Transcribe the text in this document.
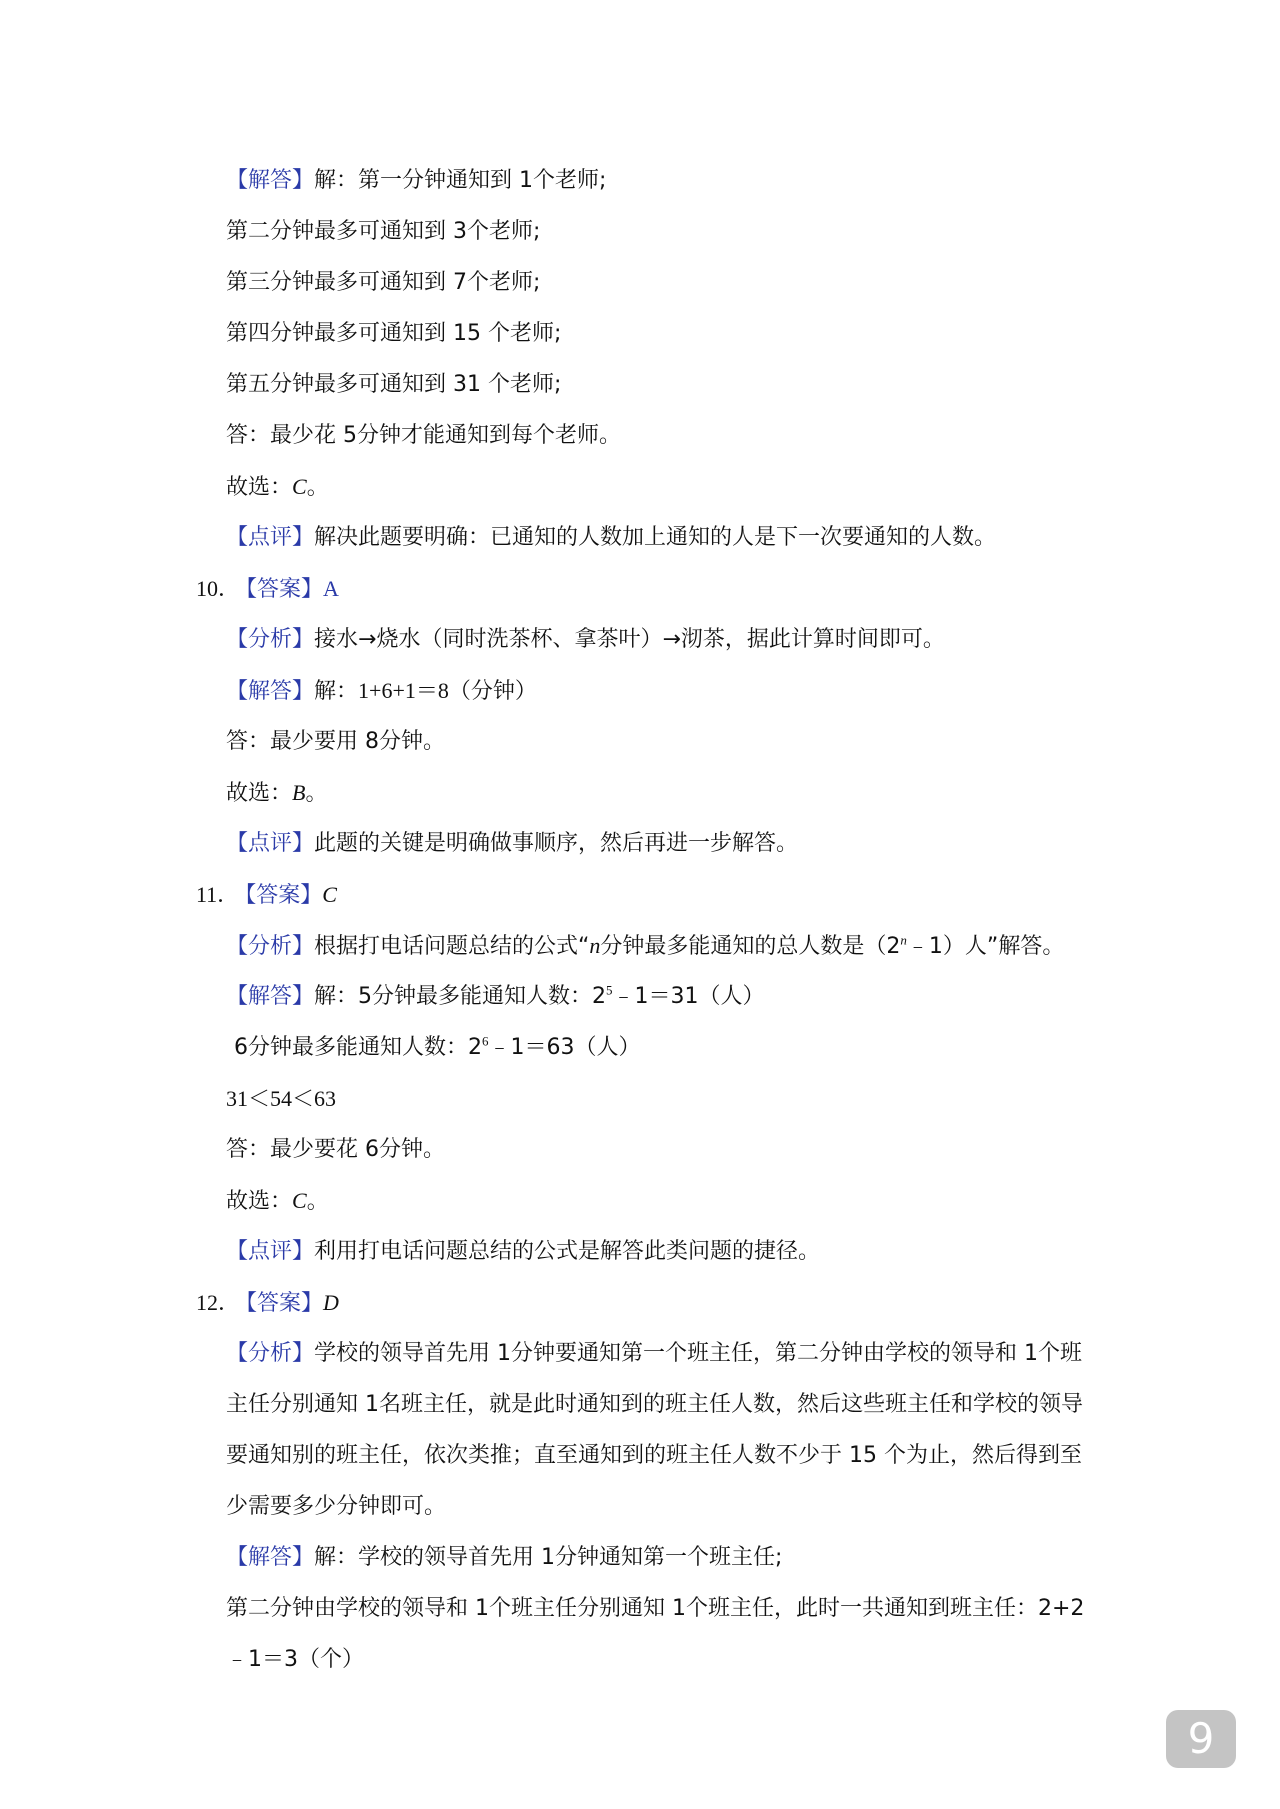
【解答】解：第一分钟通知到 1个老师;
第二分钟最多可通知到 3个老师;
第三分钟最多可通知到 7个老师;
第四分钟最多可通知到 15 个老师;
第五分钟最多可通知到 31 个老师;
答：最少花 5分钟才能通知到每个老师。
故选：C。
【点评】解决此题要明确：已通知的人数加上通知的人是下一次要通知的人数。
10． 【答案】A
【分析】接水→烧水（同时洗茶杯、拿茶叶）→沏茶，据此计算时间即可。
【解答】解：1+6+1＝8（分钟）
答：最少要用 8分钟。
故选：B。
【点评】此题的关键是明确做事顺序，然后再进一步解答。
11． 【答案】C
【分析】根据打电话问题总结的公式“n分钟最多能通知的总人数是（2$^n$﹣1）人”解答。
【解答】解：5分钟最多能通知人数：$2^5﹣1=31$（人）
6分钟最多能通知人数：$2^6﹣1=63$（人）
31＜54＜63
答：最少要花 6分钟。
故选：C。
【点评】利用打电话问题总结的公式是解答此类问题的捷径。
12． 【答案】D
【分析】学校的领导首先用 1分钟要通知第一个班主任，第二分钟由学校的领导和 1个班
主任分别通知 1名班主任，就是此时通知到的班主任人数，然后这些班主任和学校的领导
要通知别的班主任，依次类推；直至通知到的班主任人数不少于 15 个为止，然后得到至
少需要多少分钟即可。
【解答】解：学校的领导首先用 1分钟通知第一个班主任;
第二分钟由学校的领导和 1个班主任分别通知 1个班主任，此时一共通知到班主任：2+2
﹣1＝3（个）
9
